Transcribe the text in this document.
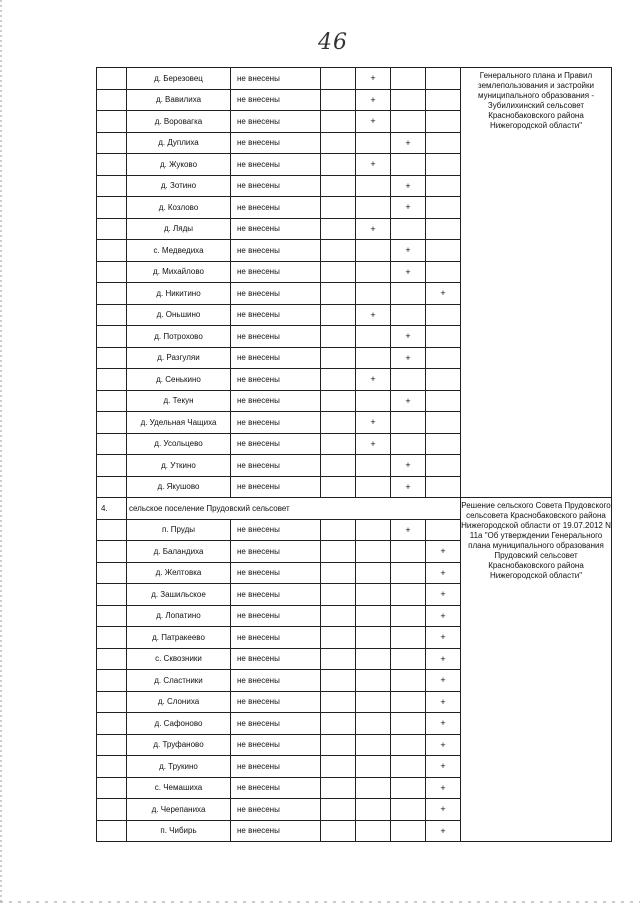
46
	д. Березовец	не внесены		+			Генерального плана и Правил землепользования и застройки муниципального образования - Зубилихинский сельсовет Краснобаковского района Нижегородской области"
	д. Вавилиха	не внесены		+			
	д. Воровагка	не внесены		+			
	д. Дуплиха	не внесены			+		
	д. Жуково	не внесены		+			
	д. Зотино	не внесены			+		
	д. Козлово	не внесены			+		
	д. Ляды	не внесены		+			
	с. Медведиха	не внесены			+		
	д. Михайлово	не внесены			+		
	д. Никитино	не внесены				+	
	д. Оньшино	не внесены		+			
	д. Потрохово	не внесены			+		
	д. Разгуляи	не внесены			+		
	д. Сенькино	не внесены		+			
	д. Текун	не внесены			+		
	д. Удельная Чащиха	не внесены		+			
	д. Усольцево	не внесены		+			
	д. Уткино	не внесены			+		
	д. Якушово	не внесены			+		
4.	сельское поселение Прудовский сельсовет						Решение сельского Совета Прудовского сельсовета Краснобаковского района Нижегородской области от 19.07.2012 N 11а "Об утверждении Генерального плана муниципального образования Прудовский сельсовет Краснобаковского района Нижегородской области"
	п. Пруды	не внесены			+		
	д. Баландиха	не внесены				+	
	д. Желтовка	не внесены				+	
	д. Зашильское	не внесены				+	
	д. Лопатино	не внесены				+	
	д. Патракеево	не внесены				+	
	с. Сквозники	не внесены				+	
	д. Сластники	не внесены				+	
	д. Слониха	не внесены				+	
	д. Сафоново	не внесены				+	
	д. Труфаново	не внесены				+	
	д. Трукино	не внесены				+	
	с. Чемашиха	не внесены				+	
	д. Черепаниха	не внесены				+	
	п. Чибирь	не внесены				+	
